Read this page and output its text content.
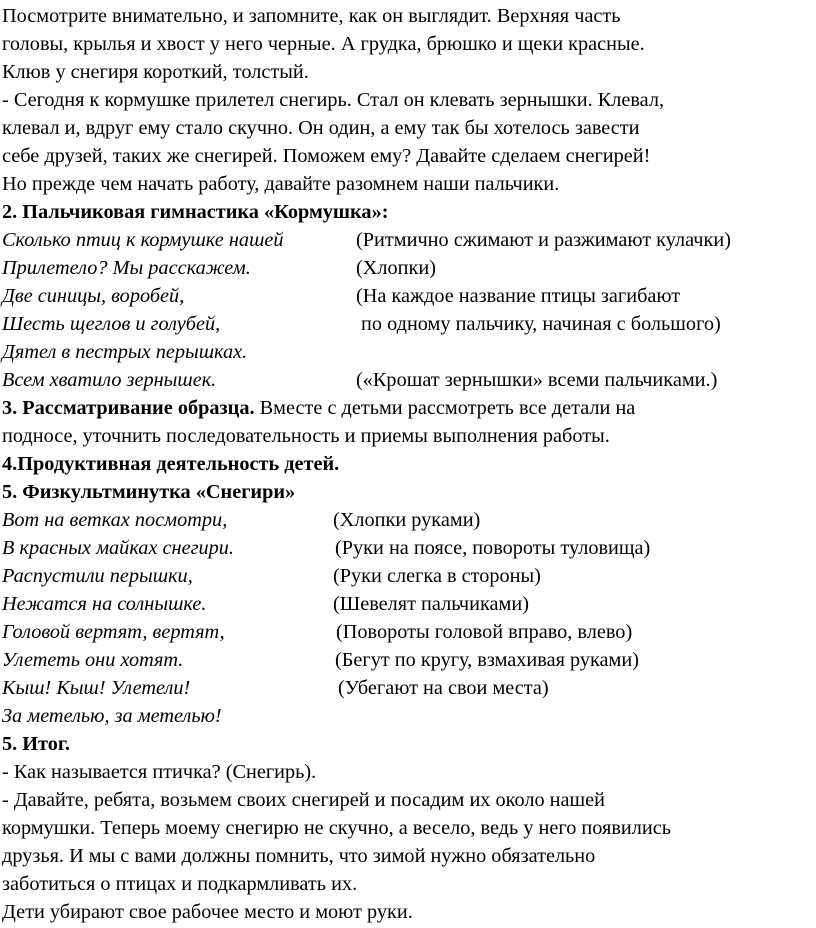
Посмотрите внимательно, и запомните, как он выглядит. Верхняя часть

головы, крылья и хвост у него черные. А грудка, брюшко и щеки красные.

Клюв у снегиря короткий, толстый.

- Сегодня к кормушке прилетел снегирь. Стал он клевать зернышки. Клевал,

клевал и, вдруг ему стало скучно. Он один, а ему так бы хотелось завести

себе друзей, таких же снегирей. Поможем ему? Давайте сделаем снегирей!

Но прежде чем начать работу, давайте разомнем наши пальчики.

2. Пальчиковая гимнастика «Кормушка»:

Сколько птиц к кормушке нашей	(Ритмично сжимают и разжимают кулачки)
Прилетело? Мы расскажем.	(Хлопки)
Две синицы, воробей,	(На каждое название птицы загибают
Шесть щеглов и голубей,	по одному пальчику, начиная с большого)
Дятел в пестрых перышках.
Всем хватило зернышек.	(«Крошат зернышки» всеми пальчиками.)

3. Рассматривание образца. Вместе с детьми рассмотреть все детали на

подносе, уточнить последовательность и приемы выполнения работы.

4.Продуктивная деятельность детей.

5. Физкультминутка «Снегири»

Вот на ветках посмотри,	(Хлопки руками)
В красных майках снегири.	(Руки на поясе, повороты туловища)
Распустили перышки,	(Руки слегка в стороны)
Нежатся на солнышке.	(Шевелят пальчиками)
Головой вертят, вертят,	(Повороты головой вправо, влево)
Улететь они хотят.	(Бегут по кругу, взмахивая руками)
Кыш! Кыш! Улетели!	(Убегают на свои места)
За метелью, за метелью!

5. Итог.

- Как называется птичка? (Снегирь).

- Давайте, ребята, возьмем своих снегирей и посадим их около нашей

кормушки. Теперь моему снегирю не скучно, а весело, ведь у него появились

друзья. И мы с вами должны помнить, что зимой нужно обязательно

заботиться о птицах и подкармливать их.

Дети убирают свое рабочее место и моют руки.
